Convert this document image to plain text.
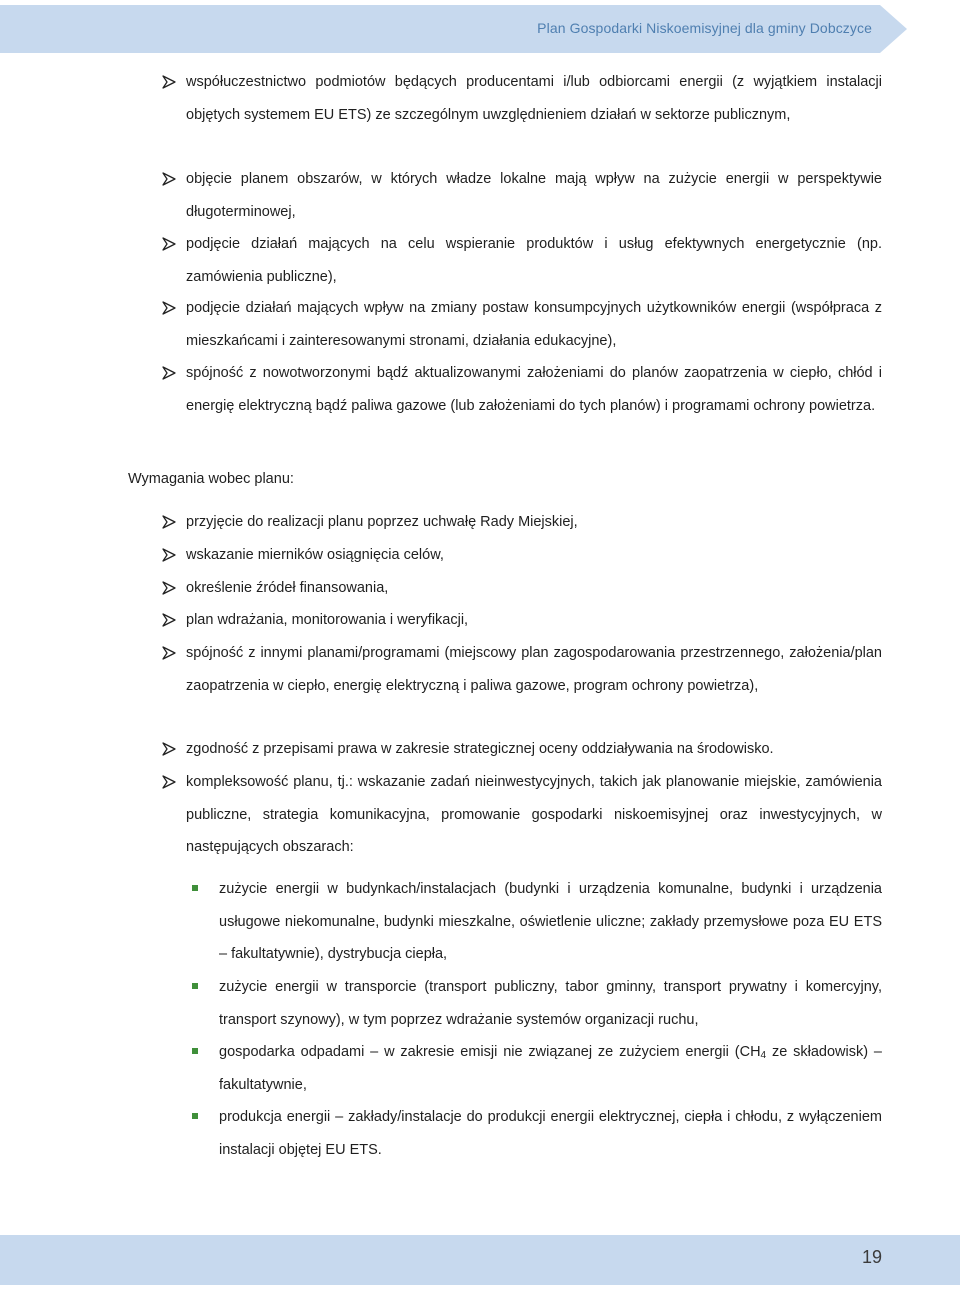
Plan Gospodarki Niskoemisyjnej dla gminy Dobczyce
współuczestnictwo podmiotów będących producentami i/lub odbiorcami energii (z wyjątkiem instalacji objętych systemem EU ETS) ze szczególnym uwzględnieniem działań w sektorze publicznym,
objęcie planem obszarów, w których władze lokalne mają wpływ na zużycie energii w perspektywie długoterminowej,
podjęcie działań mających na celu wspieranie produktów i usług efektywnych energetycznie (np. zamówienia publiczne),
podjęcie działań mających wpływ na zmiany postaw konsumpcyjnych użytkowników energii (współpraca z mieszkańcami i zainteresowanymi stronami, działania edukacyjne),
spójność z nowotworzonymi bądź aktualizowanymi założeniami do planów zaopatrzenia w ciepło, chłód i energię elektryczną bądź paliwa gazowe (lub założeniami do tych planów) i programami ochrony powietrza.
Wymagania wobec planu:
przyjęcie do realizacji planu poprzez uchwałę Rady Miejskiej,
wskazanie mierników osiągnięcia celów,
określenie źródeł finansowania,
plan wdrażania, monitorowania i weryfikacji,
spójność z innymi planami/programami (miejscowy plan zagospodarowania przestrzennego, założenia/plan zaopatrzenia w ciepło, energię elektryczną i paliwa gazowe, program ochrony powietrza),
zgodność z przepisami prawa w zakresie strategicznej oceny oddziaływania na środowisko.
kompleksowość planu, tj.: wskazanie zadań nieinwestycyjnych, takich jak planowanie miejskie, zamówienia publiczne, strategia komunikacyjna, promowanie gospodarki niskoemisyjnej oraz inwestycyjnych, w następujących obszarach:
zużycie energii w budynkach/instalacjach (budynki i urządzenia komunalne, budynki i urządzenia usługowe niekomunalne, budynki mieszkalne, oświetlenie uliczne; zakłady przemysłowe poza EU ETS – fakultatywnie), dystrybucja ciepła,
zużycie energii w transporcie (transport publiczny, tabor gminny, transport prywatny i komercyjny, transport szynowy), w tym poprzez wdrażanie systemów organizacji ruchu,
gospodarka odpadami – w zakresie emisji nie związanej ze zużyciem energii ($CH_4$ ze składowisk) – fakultatywnie,
produkcja energii – zakłady/instalacje do produkcji energii elektrycznej, ciepła i chłodu, z wyłączeniem instalacji objętej EU ETS.
19
